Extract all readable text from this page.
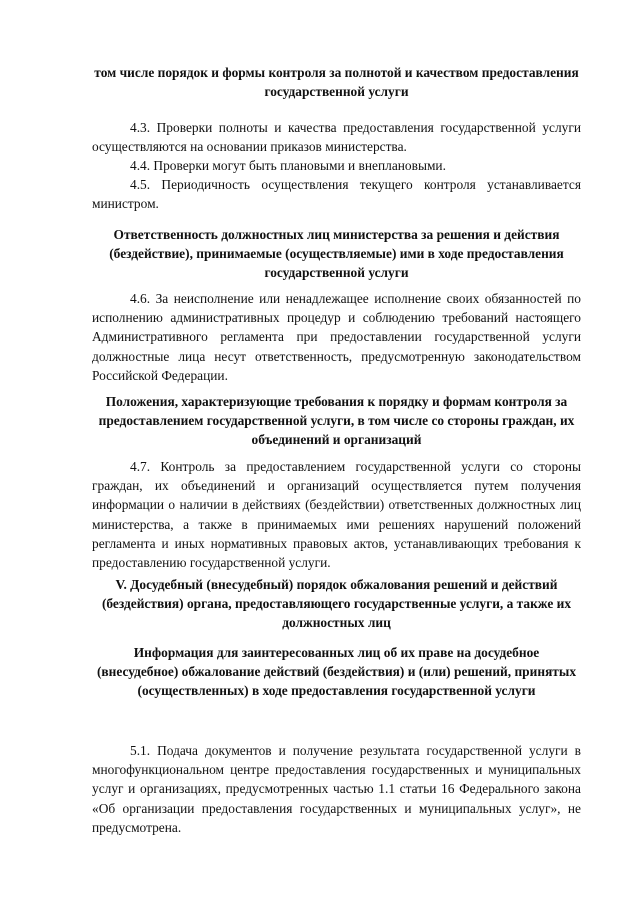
том числе порядок и формы контроля за полнотой и качеством предоставления государственной услуги

4.3. Проверки полноты и качества предоставления государственной услуги осуществляются на основании приказов министерства.

4.4. Проверки могут быть плановыми и внеплановыми.

4.5. Периодичность осуществления текущего контроля устанавливается министром.

Ответственность должностных лиц министерства за решения и действия (бездействие), принимаемые (осуществляемые) ими в ходе предоставления государственной услуги

4.6. За неисполнение или ненадлежащее исполнение своих обязанностей по исполнению административных процедур и соблюдению требований настоящего Административного регламента при предоставлении государственной услуги должностные лица несут ответственность, предусмотренную законодательством Российской Федерации.

Положения, характеризующие требования к порядку и формам контроля за предоставлением государственной услуги, в том числе со стороны граждан, их объединений и организаций

4.7. Контроль за предоставлением государственной услуги со стороны граждан, их объединений и организаций осуществляется путем получения информации о наличии в действиях (бездействии) ответственных должностных лиц министерства, а также в принимаемых ими решениях нарушений положений регламента и иных нормативных правовых актов, устанавливающих требования к предоставлению государственной услуги.

V. Досудебный (внесудебный) порядок обжалования решений и действий (бездействия) органа, предоставляющего государственные услуги, а также их должностных лиц
Информация для заинтересованных лиц об их праве на досудебное (внесудебное) обжалование действий (бездействия) и (или) решений, принятых (осуществленных) в ходе предоставления государственной услуги

5.1. Подача документов и получение результата государственной услуги в многофункциональном центре предоставления государственных и муниципальных услуг и организациях, предусмотренных частью 1.1 статьи 16 Федерального закона «Об организации предоставления государственных и муниципальных услуг», не предусмотрена.
